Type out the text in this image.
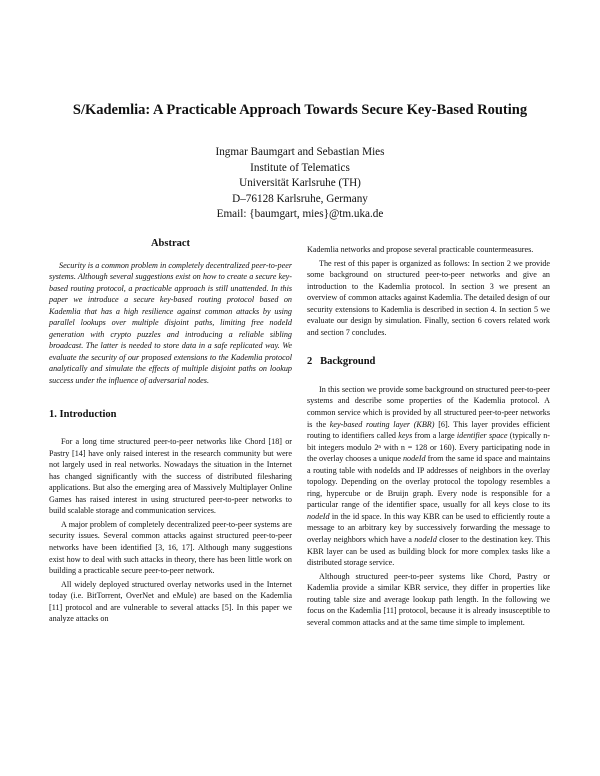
S/Kademlia: A Practicable Approach Towards Secure Key-Based Routing
Ingmar Baumgart and Sebastian Mies
Institute of Telematics
Universität Karlsruhe (TH)
D–76128 Karlsruhe, Germany
Email: {baumgart, mies}@tm.uka.de
Abstract

Security is a common problem in completely decentralized peer-to-peer systems. Although several suggestions exist on how to create a secure key-based routing protocol, a practicable approach is still unattended. In this paper we introduce a secure key-based routing protocol based on Kademlia that has a high resilience against common attacks by using parallel lookups over multiple disjoint paths, limiting free nodeId generation with crypto puzzles and introducing a reliable sibling broadcast. The latter is needed to store data in a safe replicated way. We evaluate the security of our proposed extensions to the Kademlia protocol analytically and simulate the effects of multiple disjoint paths on lookup success under the influence of adversarial nodes.

1. Introduction

For a long time structured peer-to-peer networks like Chord [18] or Pastry [14] have only raised interest in the research community but were not largely used in real networks. Nowadays the situation in the Internet has changed significantly with the success of distributed filesharing applications. But also the emerging area of Massively Multiplayer Online Games has raised interest in using structured peer-to-peer networks to build scalable storage and communication services.

A major problem of completely decentralized peer-to-peer systems are security issues. Several common attacks against structured peer-to-peer networks have been identified [3, 16, 17]. Although many suggestions exist how to deal with such attacks in theory, there has been little work on building a practicable secure peer-to-peer network.

All widely deployed structured overlay networks used in the Internet today (i.e. BitTorrent, OverNet and eMule) are based on the Kademlia [11] protocol and are vulnerable to several attacks [5]. In this paper we analyze attacks on

Kademlia networks and propose several practicable countermeasures.

The rest of this paper is organized as follows: In section 2 we provide some background on structured peer-to-peer networks and give an introduction to the Kademlia protocol. In section 3 we present an overview of common attacks against Kademlia. The detailed design of our security extensions to Kademlia is described in section 4. In section 5 we evaluate our design by simulation. Finally, section 6 covers related work and section 7 concludes.

2   Background

In this section we provide some background on structured peer-to-peer systems and describe some properties of the Kademlia protocol. A common service which is provided by all structured peer-to-peer networks is the key-based routing layer (KBR) [6]. This layer provides efficient routing to identifiers called keys from a large identifier space (typically n-bit integers modulo 2ⁿ with n = 128 or 160). Every participating node in the overlay chooses a unique nodeId from the same id space and maintains a routing table with nodeIds and IP addresses of neighbors in the overlay topology. Depending on the overlay protocol the topology resembles a ring, hypercube or de Bruijn graph. Every node is responsible for a particular range of the identifier space, usually for all keys close to its nodeId in the id space. In this way KBR can be used to efficiently route a message to an arbitrary key by successively forwarding the message to overlay neighbors which have a nodeId closer to the destination key. This KBR layer can be used as building block for more complex tasks like a distributed storage service.

Although structured peer-to-peer systems like Chord, Pastry or Kademlia provide a similar KBR service, they differ in properties like routing table size and average lookup path length. In the following we focus on the Kademlia [11] protocol, because it is already insusceptible to several common attacks and at the same time simple to implement.
